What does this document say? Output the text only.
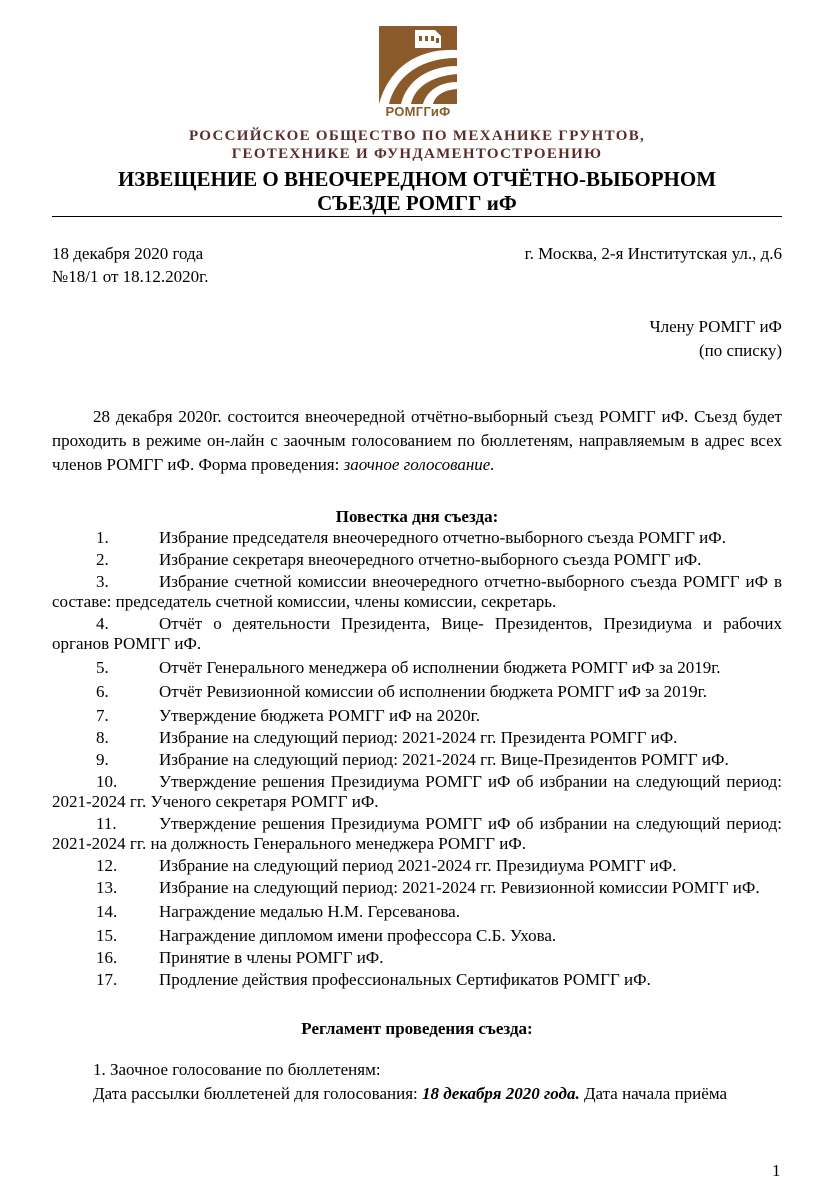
РОМГГиФ
РОССИЙСКОЕ ОБЩЕСТВО ПО МЕХАНИКЕ ГРУНТОВ,
ГЕОТЕХНИКЕ И ФУНДАМЕНТОСТРОЕНИЮ
ИЗВЕЩЕНИЕ О ВНЕОЧЕРЕДНОМ ОТЧЁТНО-ВЫБОРНОМ
СЪЕЗДЕ РОМГГ иФ
18 декабря 2020 года
№18/1 от 18.12.2020г.
г. Москва, 2-я Институтская ул., д.6
Члену РОМГГ иФ
(по списку)
28 декабря 2020г. состоится внеочередной отчётно-выборный съезд РОМГГ иФ. Съезд будет проходить в режиме он-лайн с заочным голосованием по бюллетеням, направляемым в адрес всех членов РОМГГ иФ. Форма проведения: заочное голосование.
Повестка дня съезда:
1.	Избрание председателя внеочередного отчетно-выборного съезда РОМГГ иФ.
2.	Избрание секретаря внеочередного отчетно-выборного съезда РОМГГ иФ.
3.	Избрание счетной комиссии внеочередного отчетно-выборного съезда РОМГГ иФ в составе: председатель счетной комиссии, члены комиссии, секретарь.
4.	Отчёт о деятельности Президента, Вице- Президентов, Президиума и рабочих органов РОМГГ иФ.
5.	Отчёт Генерального менеджера об исполнении бюджета РОМГГ иФ за 2019г.
6.	Отчёт Ревизионной комиссии об исполнении бюджета РОМГГ иФ за 2019г.
7.	Утверждение бюджета РОМГГ иФ на 2020г.
8.	Избрание на следующий период: 2021-2024 гг. Президента РОМГГ иФ.
9.	Избрание на следующий период: 2021-2024 гг. Вице-Президентов РОМГГ иФ.
10.	Утверждение решения Президиума РОМГГ иФ об избрании на следующий период: 2021-2024 гг. Ученого секретаря РОМГГ иФ.
11.	Утверждение решения Президиума РОМГГ иФ об избрании на следующий период: 2021-2024 гг. на должность Генерального менеджера РОМГГ иФ.
12.	Избрание на следующий период 2021-2024 гг. Президиума РОМГГ иФ.
13.	Избрание на следующий период: 2021-2024 гг. Ревизионной комиссии РОМГГ иФ.
14.	Награждение медалью Н.М. Герсеванова.
15.	Награждение дипломом имени профессора С.Б. Ухова.
16.	Принятие в члены РОМГГ иФ.
17.	Продление действия профессиональных Сертификатов РОМГГ иФ.
Регламент проведения съезда:
1. Заочное голосование по бюллетеням:
Дата рассылки бюллетеней для голосования: 18 декабря 2020 года. Дата начала приёма
1
